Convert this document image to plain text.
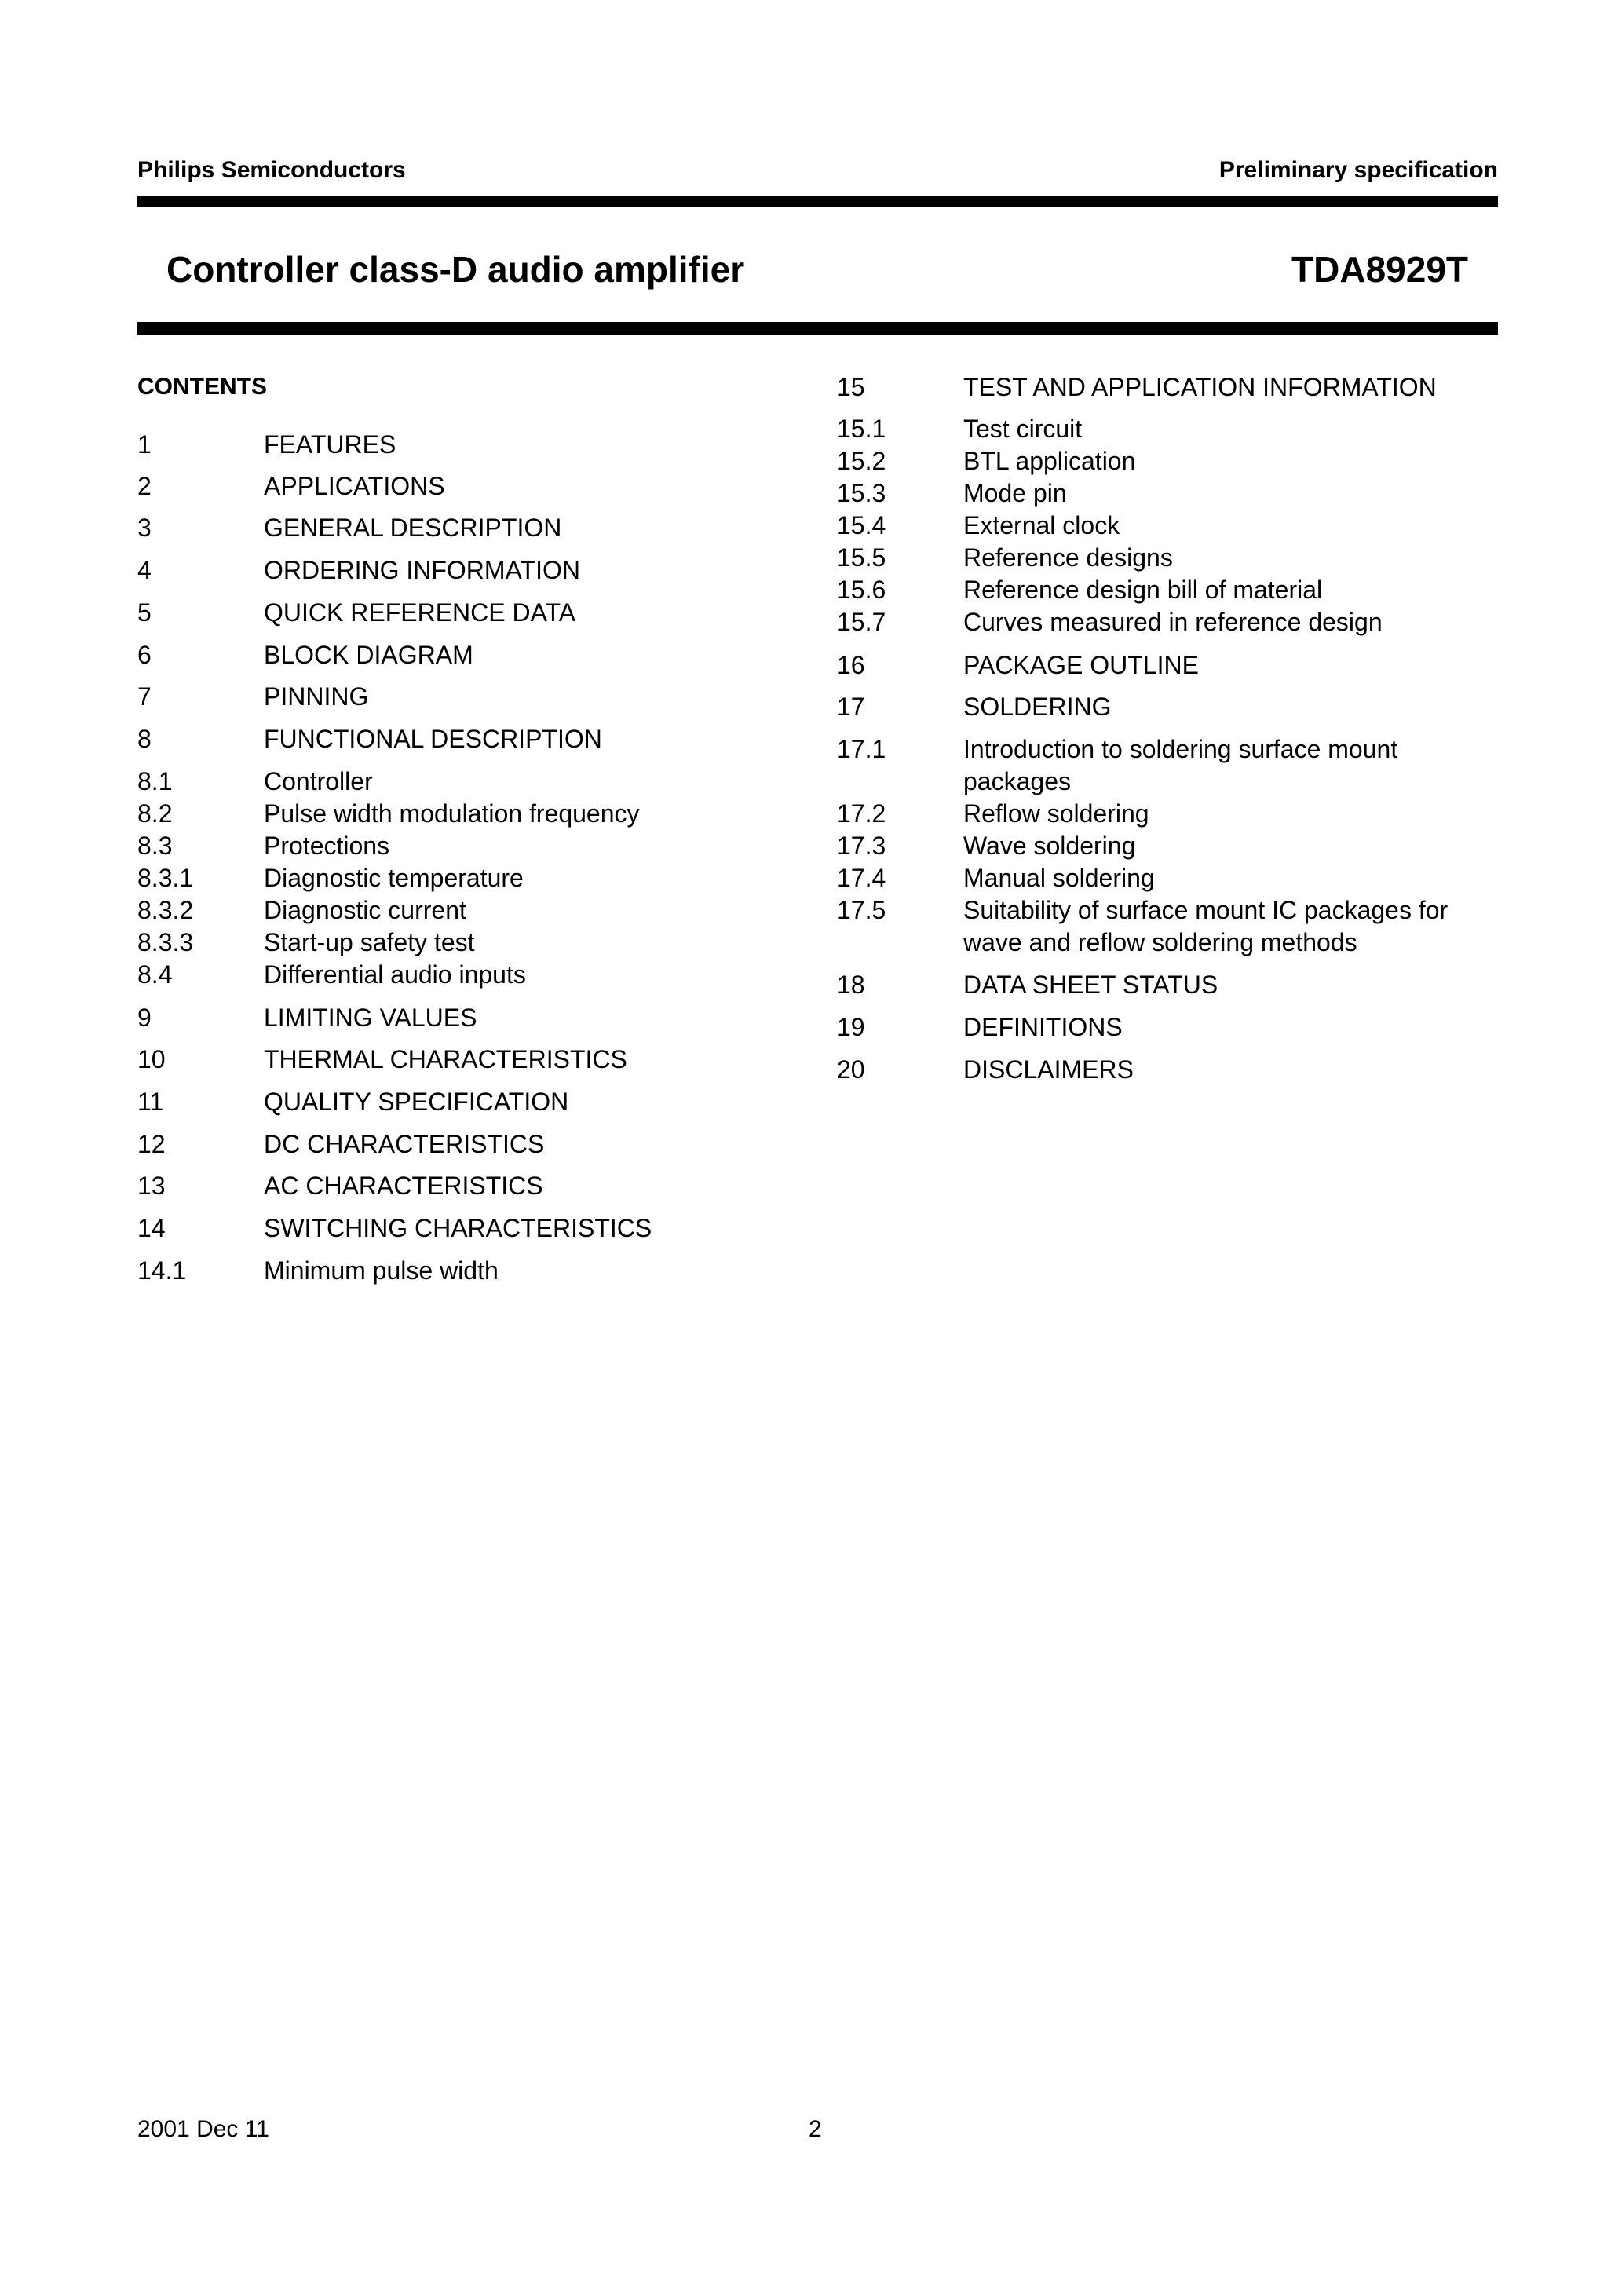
Philips Semiconductors	Preliminary specification
Controller class-D audio amplifier	TDA8929T
CONTENTS
1	FEATURES
2	APPLICATIONS
3	GENERAL DESCRIPTION
4	ORDERING INFORMATION
5	QUICK REFERENCE DATA
6	BLOCK DIAGRAM
7	PINNING
8	FUNCTIONAL DESCRIPTION
8.1	Controller
8.2	Pulse width modulation frequency
8.3	Protections
8.3.1	Diagnostic temperature
8.3.2	Diagnostic current
8.3.3	Start-up safety test
8.4	Differential audio inputs
9	LIMITING VALUES
10	THERMAL CHARACTERISTICS
11	QUALITY SPECIFICATION
12	DC CHARACTERISTICS
13	AC CHARACTERISTICS
14	SWITCHING CHARACTERISTICS
14.1	Minimum pulse width
15	TEST AND APPLICATION INFORMATION
15.1	Test circuit
15.2	BTL application
15.3	Mode pin
15.4	External clock
15.5	Reference designs
15.6	Reference design bill of material
15.7	Curves measured in reference design
16	PACKAGE OUTLINE
17	SOLDERING
17.1	Introduction to soldering surface mount
packages
17.2	Reflow soldering
17.3	Wave soldering
17.4	Manual soldering
17.5	Suitability of surface mount IC packages for
wave and reflow soldering methods
18	DATA SHEET STATUS
19	DEFINITIONS
20	DISCLAIMERS
2001 Dec 11	2
